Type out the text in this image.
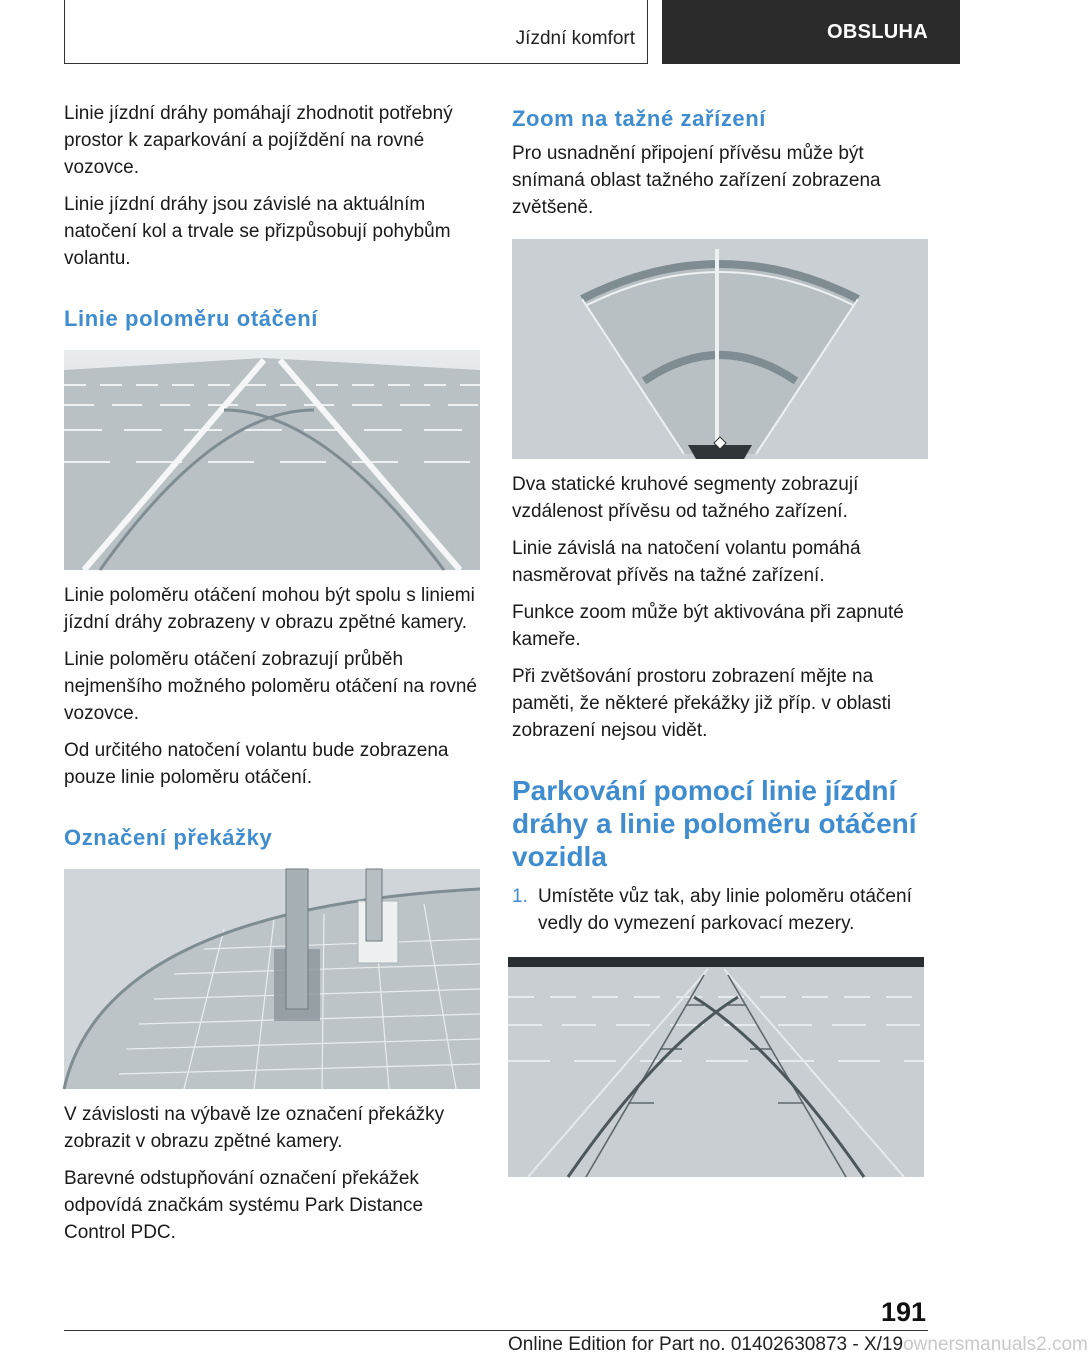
Jízdní komfort	OBSLUHA

Linie jízdní dráhy pomáhají zhodnotit potřebný prostor k zaparkování a pojíždění na rovné vozovce.

Linie jízdní dráhy jsou závislé na aktuálním natočení kol a trvale se přizpůsobují pohybům volantu.

Linie poloměru otáčení

Linie poloměru otáčení mohou být spolu s liniemi jízdní dráhy zobrazeny v obrazu zpětné kamery.

Linie poloměru otáčení zobrazují průběh nejmenšího možného poloměru otáčení na rovné vozovce.

Od určitého natočení volantu bude zobrazena pouze linie poloměru otáčení.

Označení překážky

V závislosti na výbavě lze označení překážky zobrazit v obrazu zpětné kamery.

Barevné odstupňování označení překážek odpovídá značkám systému Park Distance Control PDC.

Zoom na tažné zařízení

Pro usnadnění připojení přívěsu může být snímaná oblast tažného zařízení zobrazena zvětšeně.

Dva statické kruhové segmenty zobrazují vzdálenost přívěsu od tažného zařízení.

Linie závislá na natočení volantu pomáhá nasměrovat přívěs na tažné zařízení.

Funkce zoom může být aktivována při zapnuté kameře.

Při zvětšování prostoru zobrazení mějte na paměti, že některé překážky již příp. v oblasti zobrazení nejsou vidět.

Parkování pomocí linie jízdní dráhy a linie poloměru otáčení vozidla
1. Umístěte vůz tak, aby linie poloměru otáčení vedly do vymezení parkovací mezery.
191
Online Edition for Part no. 01402630873 - X/19ownersmanuals2.com
